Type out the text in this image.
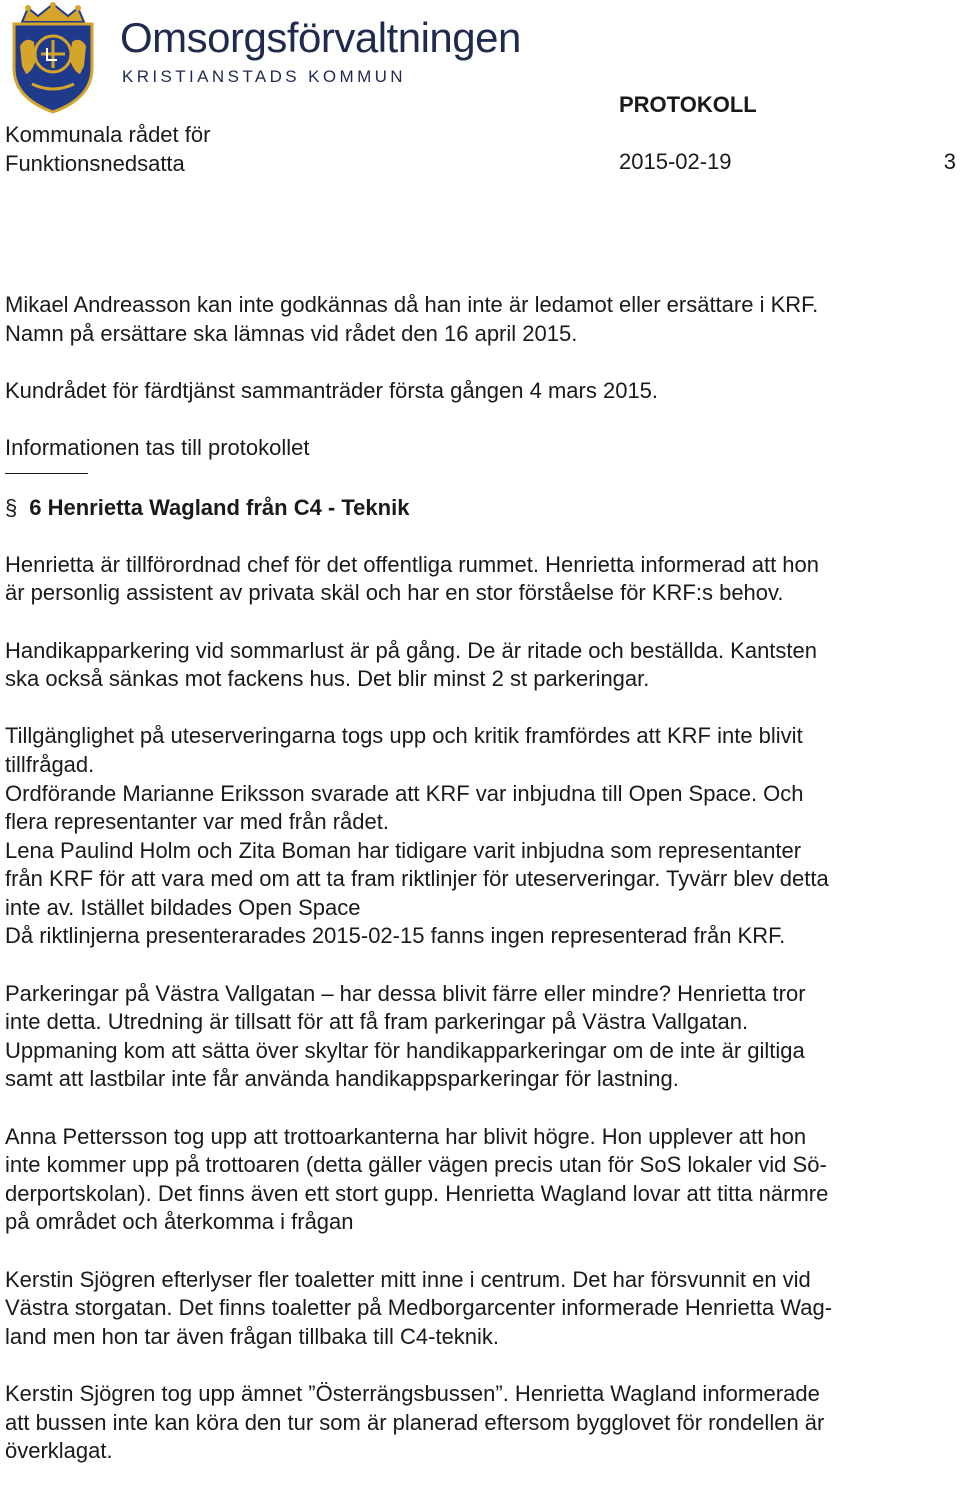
Omsorgsförvaltningen
KRISTIANSTADS KOMMUN
PROTOKOLL
Kommunala rådet för
Funktionsnedsatta	2015-02-19	3

Mikael Andreasson kan inte godkännas då han inte är ledamot eller ersättare i KRF.
Namn på ersättare ska lämnas vid rådet den 16 april 2015.

Kundrådet för färdtjänst sammanträder första gången 4 mars 2015.

Informationen tas till protokollet

§ 6 Henrietta Wagland från C4 - Teknik

Henrietta är tillförordnad chef för det offentliga rummet. Henrietta informerad att hon
är personlig assistent av privata skäl och har en stor förståelse för KRF:s behov.

Handikapparkering vid sommarlust är på gång. De är ritade och beställda. Kantsten
ska också sänkas mot fackens hus. Det blir minst 2 st parkeringar.

Tillgänglighet på uteserveringarna togs upp och kritik framfördes att KRF inte blivit
tillfrågad.
Ordförande Marianne Eriksson svarade att KRF var inbjudna till Open Space. Och
flera representanter var med från rådet.
Lena Paulind Holm och Zita Boman har tidigare varit inbjudna som representanter
från KRF för att vara med om att ta fram riktlinjer för uteserveringar. Tyvärr blev detta
inte av. Istället bildades Open Space
Då riktlinjerna presenterarades 2015-02-15 fanns ingen representerad från KRF.

Parkeringar på Västra Vallgatan – har dessa blivit färre eller mindre? Henrietta tror
inte detta. Utredning är tillsatt för att få fram parkeringar på Västra Vallgatan.
Uppmaning kom att sätta över skyltar för handikapparkeringar om de inte är giltiga
samt att lastbilar inte får använda handikappsparkeringar för lastning.

Anna Pettersson tog upp att trottoarkanterna har blivit högre. Hon upplever att hon
inte kommer upp på trottoaren (detta gäller vägen precis utan för SoS lokaler vid Sö-
derportskolan). Det finns även ett stort gupp. Henrietta Wagland lovar att titta närmre
på området och återkomma i frågan

Kerstin Sjögren efterlyser fler toaletter mitt inne i centrum. Det har försvunnit en vid
Västra storgatan. Det finns toaletter på Medborgarcenter informerade Henrietta Wag-
land men hon tar även frågan tillbaka till C4-teknik.

Kerstin Sjögren tog upp ämnet ”Österrängsbussen”. Henrietta Wagland informerade
att bussen inte kan köra den tur som är planerad eftersom bygglovet för rondellen är
överklagat.
